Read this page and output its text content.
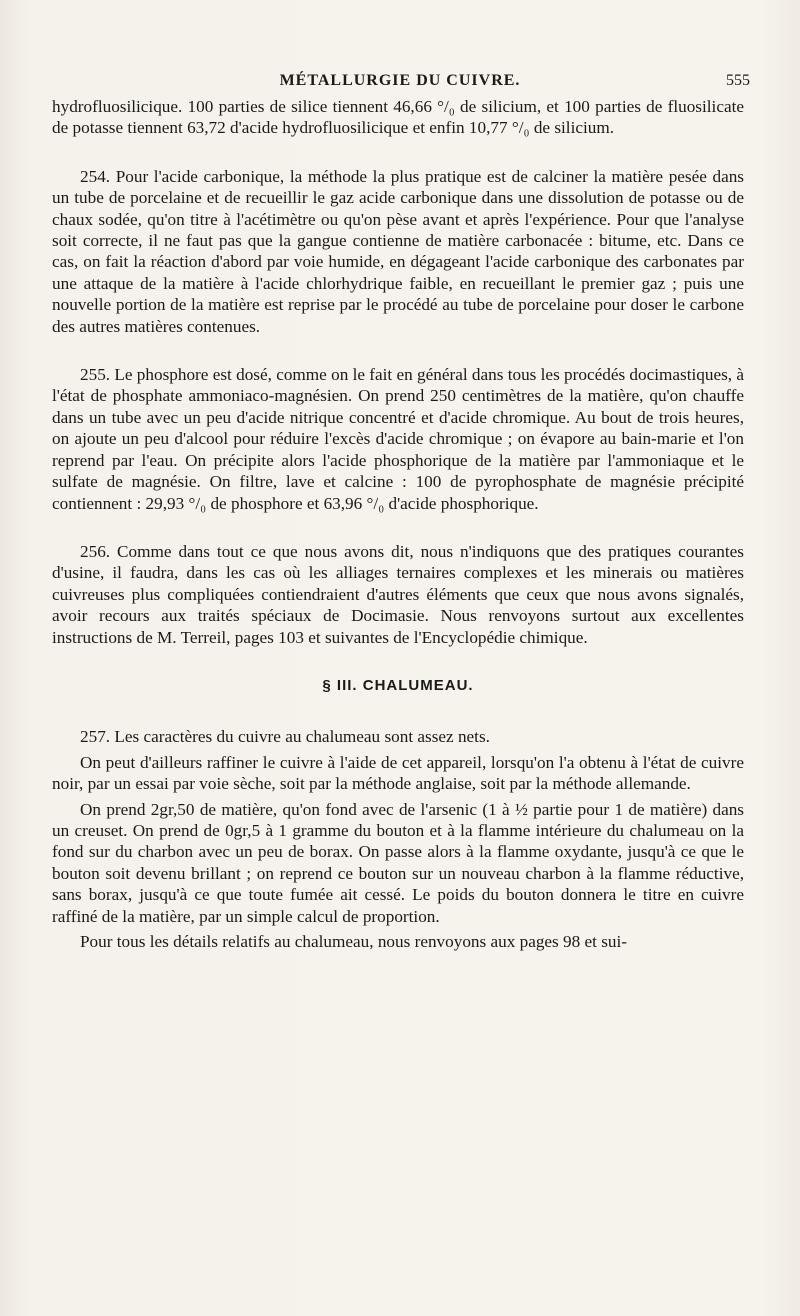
MÉTALLURGIE DU CUIVRE.	555

hydrofluosilicique. 100 parties de silice tiennent 46,66 °/₀ de silicium, et 100 parties de fluosilicate de potasse tiennent 63,72 d'acide hydrofluosilicique et enfin 10,77 °/₀ de silicium.

254. Pour l'acide carbonique, la méthode la plus pratique est de calciner la matière pesée dans un tube de porcelaine et de recueillir le gaz acide carbonique dans une dissolution de potasse ou de chaux sodée, qu'on titre à l'acétimètre ou qu'on pèse avant et après l'expérience. Pour que l'analyse soit correcte, il ne faut pas que la gangue contienne de matière carbonacée : bitume, etc. Dans ce cas, on fait la réaction d'abord par voie humide, en dégageant l'acide carbonique des carbonates par une attaque de la matière à l'acide chlorhydrique faible, en recueillant le premier gaz ; puis une nouvelle portion de la matière est reprise par le procédé au tube de porcelaine pour doser le carbone des autres matières contenues.

255. Le phosphore est dosé, comme on le fait en général dans tous les procédés docimastiques, à l'état de phosphate ammoniaco-magnésien. On prend 250 centimètres de la matière, qu'on chauffe dans un tube avec un peu d'acide nitrique concentré et d'acide chromique. Au bout de trois heures, on ajoute un peu d'alcool pour réduire l'excès d'acide chromique ; on évapore au bain-marie et l'on reprend par l'eau. On précipite alors l'acide phosphorique de la matière par l'ammoniaque et le sulfate de magnésie. On filtre, lave et calcine : 100 de pyrophosphate de magnésie précipité contiennent : 29,93 °/₀ de phosphore et 63,96 °/₀ d'acide phosphorique.

256. Comme dans tout ce que nous avons dit, nous n'indiquons que des pratiques courantes d'usine, il faudra, dans les cas où les alliages ternaires complexes et les minerais ou matières cuivreuses plus compliquées contiendraient d'autres éléments que ceux que nous avons signalés, avoir recours aux traités spéciaux de Docimasie. Nous renvoyons surtout aux excellentes instructions de M. Terreil, pages 103 et suivantes de l'Encyclopédie chimique.

§ III. CHALUMEAU.

257. Les caractères du cuivre au chalumeau sont assez nets.

On peut d'ailleurs raffiner le cuivre à l'aide de cet appareil, lorsqu'on l'a obtenu à l'état de cuivre noir, par un essai par voie sèche, soit par la méthode anglaise, soit par la méthode allemande.

On prend 2gr,50 de matière, qu'on fond avec de l'arsenic (1 à ½ partie pour 1 de matière) dans un creuset. On prend de 0gr,5 à 1 gramme du bouton et à la flamme intérieure du chalumeau on la fond sur du charbon avec un peu de borax. On passe alors à la flamme oxydante, jusqu'à ce que le bouton soit devenu brillant ; on reprend ce bouton sur un nouveau charbon à la flamme réductive, sans borax, jusqu'à ce que toute fumée ait cessé. Le poids du bouton donnera le titre en cuivre raffiné de la matière, par un simple calcul de proportion.

Pour tous les détails relatifs au chalumeau, nous renvoyons aux pages 98 et sui-
